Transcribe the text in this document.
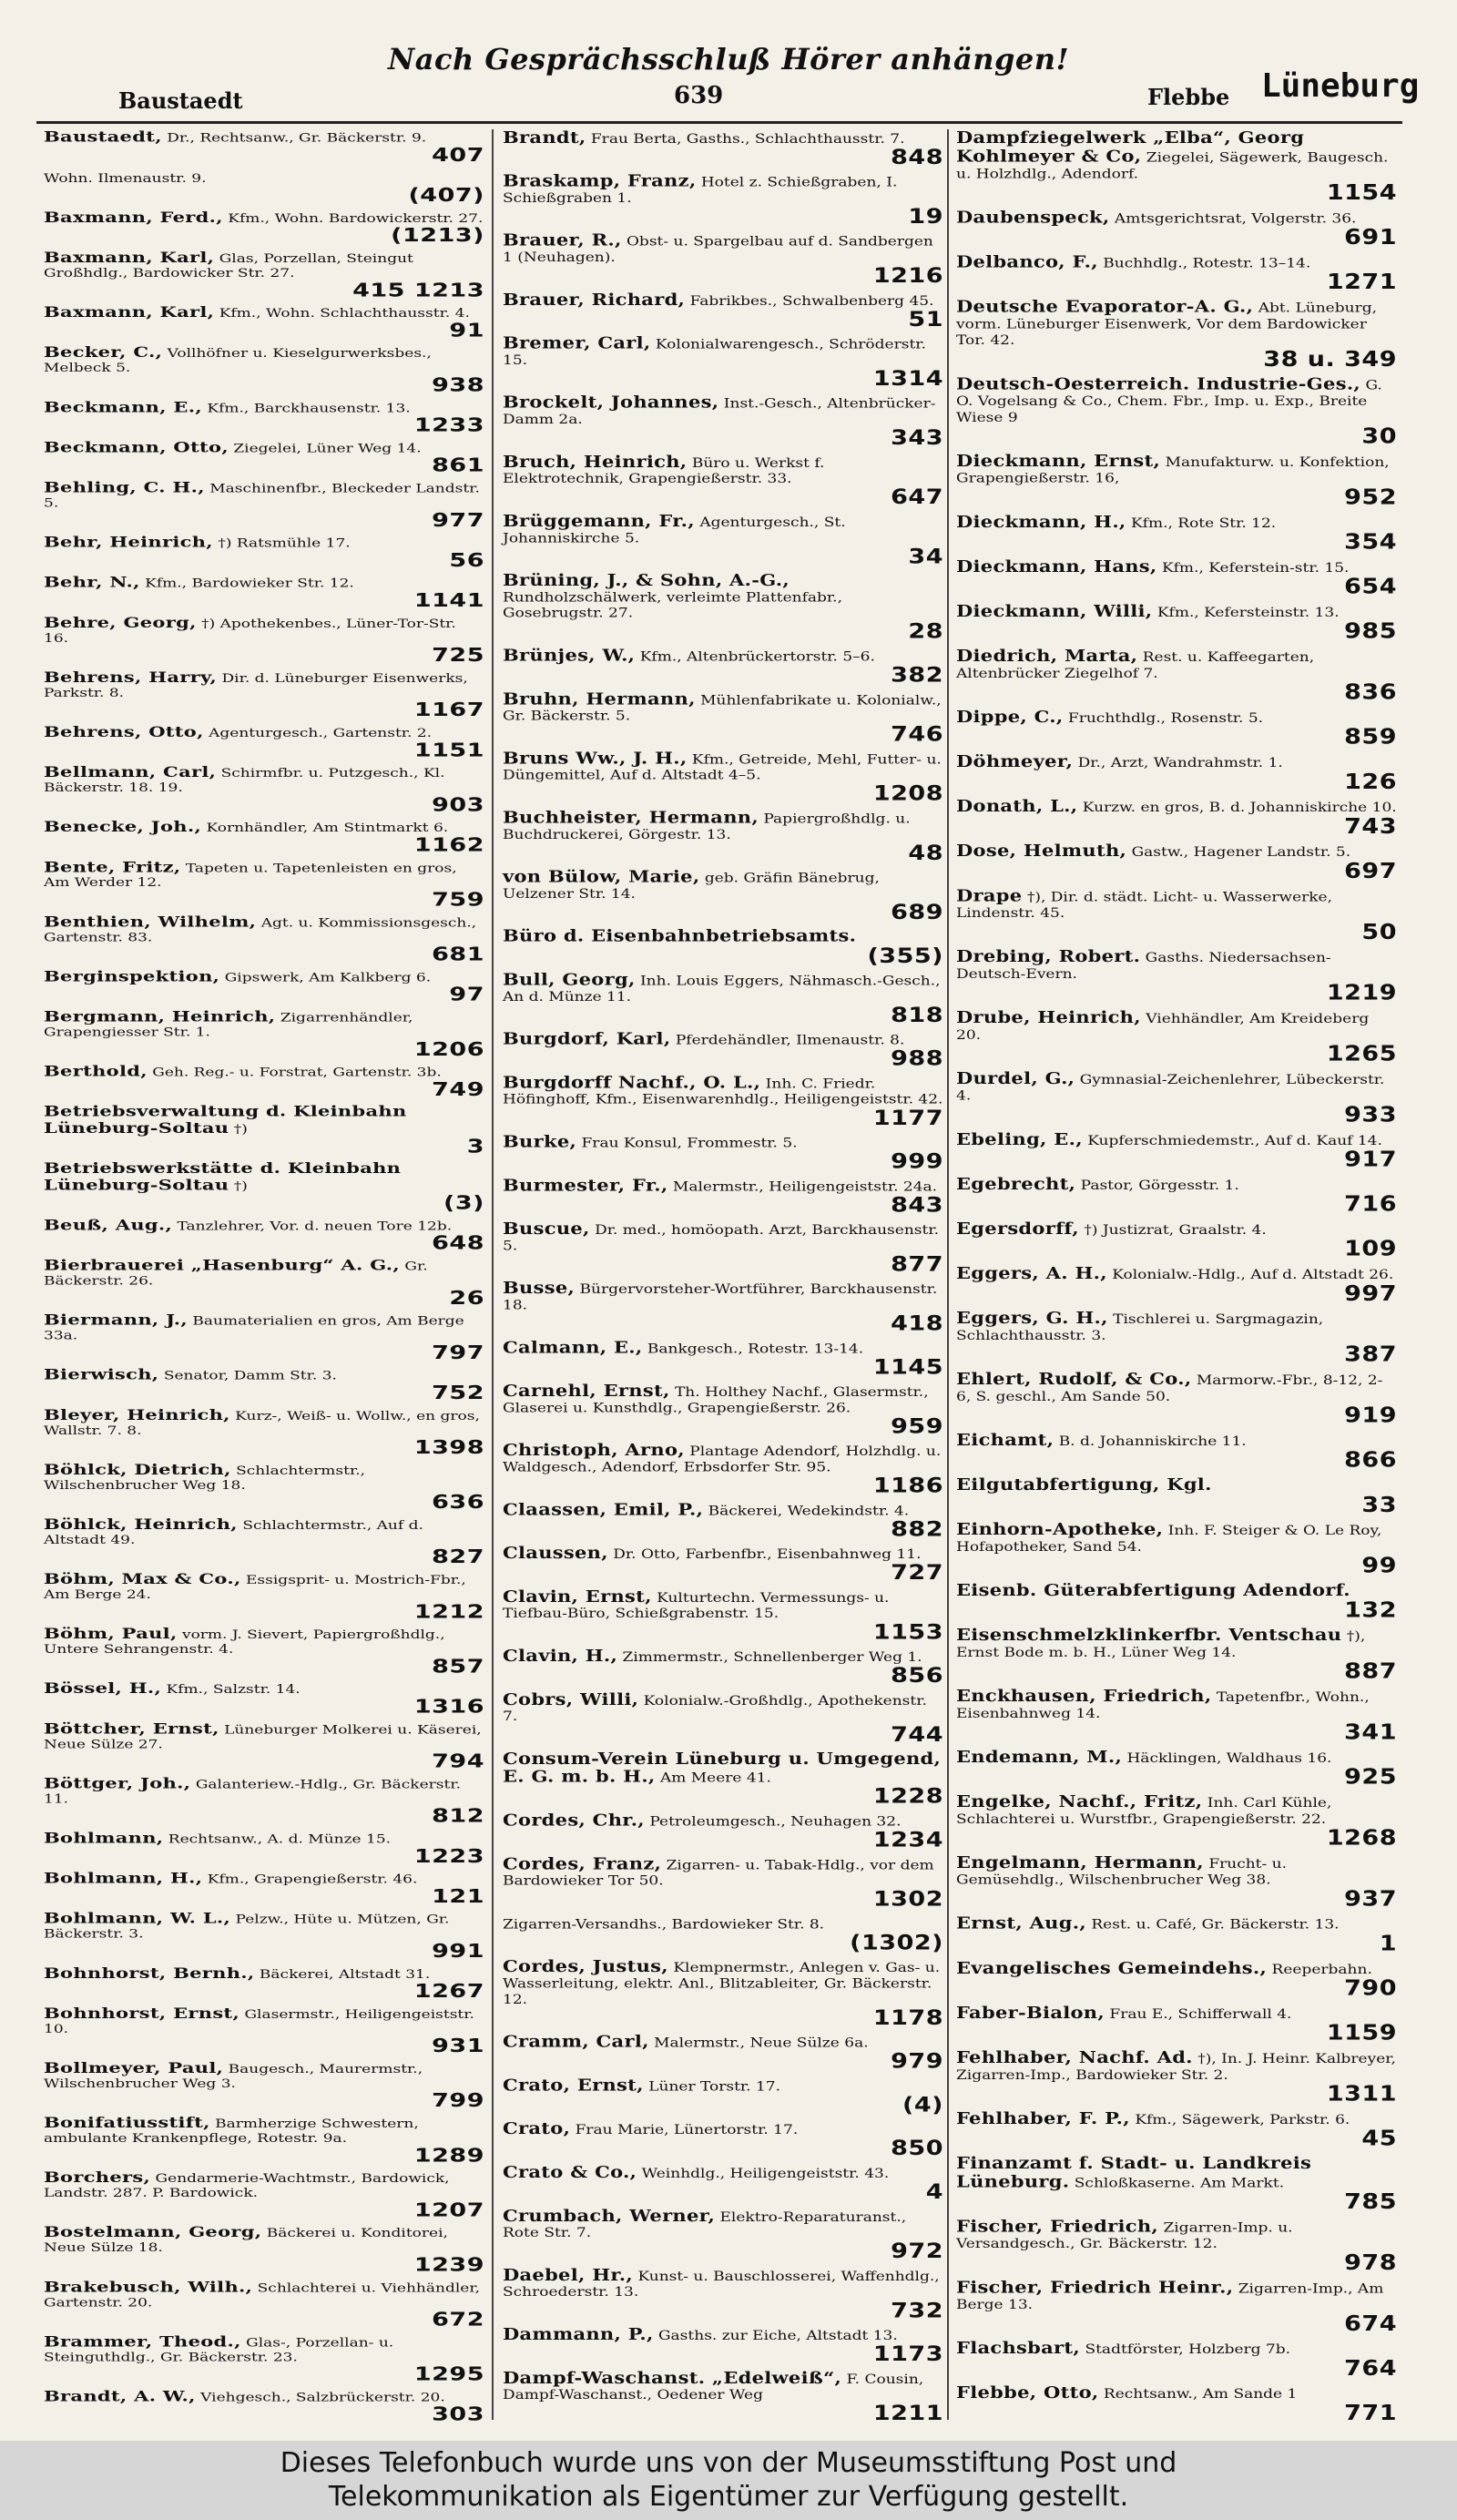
Nach Gesprächsschluß Hörer anhängen!
Baustaedt	639	Flebbe Lüneburg
Baustaedt, Dr., Rechtsanw., Gr. Bäckerstr. 9.
407
Wohn. Ilmenaustr. 9.
(407)
Baxmann, Ferd., Kfm., Wohn. Bardowickerstr. 27.
(1213)
Baxmann, Karl, Glas, Porzellan, Steingut Großhdlg., Bardowicker Str. 27.
415 1213
Baxmann, Karl, Kfm., Wohn. Schlachthausstr. 4.
91
Becker, C., Vollhöfner u. Kieselgurwerksbes., Melbeck 5.
938
Beckmann, E., Kfm., Barckhausenstr. 13.
1233
Beckmann, Otto, Ziegelei, Lüner Weg 14.
861
Behling, C. H., Maschinenfbr., Bleckeder Landstr. 5.
977
Behr, Heinrich, †) Ratsmühle 17.
56
Behr, N., Kfm., Bardowieker Str. 12.
1141
Behre, Georg, †) Apothekenbes., Lüner-Tor-Str. 16.
725
Behrens, Harry, Dir. d. Lüneburger Eisenwerks, Parkstr. 8.
1167
Behrens, Otto, Agenturgesch., Gartenstr. 2.
1151
Bellmann, Carl, Schirmfbr. u. Putzgesch., Kl. Bäckerstr. 18. 19.
903
Benecke, Joh., Kornhändler, Am Stintmarkt 6.
1162
Bente, Fritz, Tapeten u. Tapetenleisten en gros, Am Werder 12.
759
Benthien, Wilhelm, Agt. u. Kommissionsgesch., Gartenstr. 83.
681
Berginspektion, Gipswerk, Am Kalkberg 6.
97
Bergmann, Heinrich, Zigarrenhändler, Grapengiesser Str. 1.
1206
Berthold, Geh. Reg.- u. Forstrat, Gartenstr. 3b.
749
Betriebsverwaltung d. Kleinbahn Lüneburg-Soltau †)
3
Betriebswerkstätte d. Kleinbahn Lüneburg-Soltau †)
(3)
Beuß, Aug., Tanzlehrer, Vor. d. neuen Tore 12b.
648
Bierbrauerei „Hasenburg“ A. G., Gr. Bäckerstr. 26.
26
Biermann, J., Baumaterialien en gros, Am Berge 33a.
797
Bierwisch, Senator, Damm Str. 3.
752
Bleyer, Heinrich, Kurz-, Weiß- u. Wollw., en gros, Wallstr. 7. 8.
1398
Böhlck, Dietrich, Schlachtermstr., Wilschenbrucher Weg 18.
636
Böhlck, Heinrich, Schlachtermstr., Auf d. Altstadt 49.
827
Böhm, Max & Co., Essigsprit- u. Mostrich-Fbr., Am Berge 24.
1212
Böhm, Paul, vorm. J. Sievert, Papiergroßhdlg., Untere Sehrangenstr. 4.
857
Bössel, H., Kfm., Salzstr. 14.
1316
Böttcher, Ernst, Lüneburger Molkerei u. Käserei, Neue Sülze 27.
794
Böttger, Joh., Galanteriew.-Hdlg., Gr. Bäckerstr. 11.
812
Bohlmann, Rechtsanw., A. d. Münze 15.
1223
Bohlmann, H., Kfm., Grapengießerstr. 46.
121
Bohlmann, W. L., Pelzw., Hüte u. Mützen, Gr. Bäckerstr. 3.
991
Bohnhorst, Bernh., Bäckerei, Altstadt 31.
1267
Bohnhorst, Ernst, Glasermstr., Heiligengeiststr. 10.
931
Bollmeyer, Paul, Baugesch., Maurermstr., Wilschenbrucher Weg 3.
799
Bonifatiusstift, Barmherzige Schwestern, ambulante Krankenpflege, Rotestr. 9a.
1289
Borchers, Gendarmerie-Wachtmstr., Bardowick, Landstr. 287. P. Bardowick.
1207
Bostelmann, Georg, Bäckerei u. Konditorei, Neue Sülze 18.
1239
Brakebusch, Wilh., Schlachterei u. Viehhändler, Gartenstr. 20.
672
Brammer, Theod., Glas-, Porzellan- u. Steinguthdlg., Gr. Bäckerstr. 23.
1295
Brandt, A. W., Viehgesch., Salzbrückerstr. 20.
303
Brandt, Frau Berta, Gasths., Schlachthausstr. 7.
848
Braskamp, Franz, Hotel z. Schießgraben, I. Schießgraben 1.
19
Brauer, R., Obst- u. Spargelbau auf d. Sandbergen 1 (Neuhagen).
1216
Brauer, Richard, Fabrikbes., Schwalbenberg 45.
51
Bremer, Carl, Kolonialwarengesch., Schröderstr. 15.
1314
Brockelt, Johannes, Inst.-Gesch., Altenbrücker-Damm 2a.
343
Bruch, Heinrich, Büro u. Werkst f. Elektrotechnik, Grapengießerstr. 33.
647
Brüggemann, Fr., Agenturgesch., St. Johanniskirche 5.
34
Brüning, J., & Sohn, A.-G., Rundholzschälwerk, verleimte Plattenfabr., Gosebrugstr. 27.
28
Brünjes, W., Kfm., Altenbrückertorstr. 5–6.
382
Bruhn, Hermann, Mühlenfabrikate u. Kolonialw., Gr. Bäckerstr. 5.
746
Bruns Ww., J. H., Kfm., Getreide, Mehl, Futter- u. Düngemittel, Auf d. Altstadt 4–5.
1208
Buchheister, Hermann, Papiergroßhdlg. u. Buchdruckerei, Görgestr. 13.
48
von Bülow, Marie, geb. Gräfin Bänebrug, Uelzener Str. 14.
689
Büro d. Eisenbahnbetriebsamts.
(355)
Bull, Georg, Inh. Louis Eggers, Nähmasch.-Gesch., An d. Münze 11.
818
Burgdorf, Karl, Pferdehändler, Ilmenaustr. 8.
988
Burgdorff Nachf., O. L., Inh. C. Friedr. Höfinghoff, Kfm., Eisenwarenhdlg., Heiligengeiststr. 42.
1177
Burke, Frau Konsul, Frommestr. 5.
999
Burmester, Fr., Malermstr., Heiligengeiststr. 24a.
843
Buscue, Dr. med., homöopath. Arzt, Barckhausenstr. 5.
877
Busse, Bürgervorsteher-Wortführer, Barckhausenstr. 18.
418
Calmann, E., Bankgesch., Rotestr. 13-14.
1145
Carnehl, Ernst, Th. Holthey Nachf., Glasermstr., Glaserei u. Kunsthdlg., Grapengießerstr. 26.
959
Christoph, Arno, Plantage Adendorf, Holzhdlg. u. Waldgesch., Adendorf, Erbsdorfer Str. 95.
1186
Claassen, Emil, P., Bäckerei, Wedekindstr. 4.
882
Claussen, Dr. Otto, Farbenfbr., Eisenbahnweg 11.
727
Clavin, Ernst, Kulturtechn. Vermessungs- u. Tiefbau-Büro, Schießgrabenstr. 15.
1153
Clavin, H., Zimmermstr., Schnellenberger Weg 1.
856
Cobrs, Willi, Kolonialw.-Großhdlg., Apothekenstr. 7.
744
Consum-Verein Lüneburg u. Umgegend, E. G. m. b. H., Am Meere 41.
1228
Cordes, Chr., Petroleumgesch., Neuhagen 32.
1234
Cordes, Franz, Zigarren- u. Tabak-Hdlg., vor dem Bardowieker Tor 50.
1302
Zigarren-Versandhs., Bardowieker Str. 8.
(1302)
Cordes, Justus, Klempnermstr., Anlegen v. Gas- u. Wasserleitung, elektr. Anl., Blitzableiter, Gr. Bäckerstr. 12.
1178
Cramm, Carl, Malermstr., Neue Sülze 6a.
979
Crato, Ernst, Lüner Torstr. 17.
(4)
Crato, Frau Marie, Lünertorstr. 17.
850
Crato & Co., Weinhdlg., Heiligengeiststr. 43.
4
Crumbach, Werner, Elektro-Reparaturanst., Rote Str. 7.
972
Daebel, Hr., Kunst- u. Bauschlosserei, Waffenhdlg., Schroederstr. 13.
732
Dammann, P., Gasths. zur Eiche, Altstadt 13.
1173
Dampf-Waschanst. „Edelweiß“, F. Cousin, Dampf-Waschanst., Oedener Weg
1211
Dampfziegelwerk „Elba“, Georg Kohlmeyer & Co, Ziegelei, Sägewerk, Baugesch. u. Holzhdlg., Adendorf.
1154
Daubenspeck, Amtsgerichtsrat, Volgerstr. 36.
691
Delbanco, F., Buchhdlg., Rotestr. 13–14.
1271
Deutsche Evaporator-A. G., Abt. Lüneburg, vorm. Lüneburger Eisenwerk, Vor dem Bardowicker Tor. 42.
38 u. 349
Deutsch-Oesterreich. Industrie-Ges., G. O. Vogelsang & Co., Chem. Fbr., Imp. u. Exp., Breite Wiese 9
30
Dieckmann, Ernst, Manufakturw. u. Konfektion, Grapengießerstr. 16,
952
Dieckmann, H., Kfm., Rote Str. 12.
354
Dieckmann, Hans, Kfm., Keferstein-str. 15.
654
Dieckmann, Willi, Kfm., Kefersteinstr. 13.
985
Diedrich, Marta, Rest. u. Kaffeegarten, Altenbrücker Ziegelhof 7.
836
Dippe, C., Fruchthdlg., Rosenstr. 5.
859
Döhmeyer, Dr., Arzt, Wandrahmstr. 1.
126
Donath, L., Kurzw. en gros, B. d. Johanniskirche 10.
743
Dose, Helmuth, Gastw., Hagener Landstr. 5.
697
Drape †), Dir. d. städt. Licht- u. Wasserwerke, Lindenstr. 45.
50
Drebing, Robert. Gasths. Niedersachsen-Deutsch-Evern.
1219
Drube, Heinrich, Viehhändler, Am Kreideberg 20.
1265
Durdel, G., Gymnasial-Zeichenlehrer, Lübeckerstr. 4.
933
Ebeling, E., Kupferschmiedemstr., Auf d. Kauf 14.
917
Egebrecht, Pastor, Görgesstr. 1.
716
Egersdorff, †) Justizrat, Graalstr. 4.
109
Eggers, A. H., Kolonialw.-Hdlg., Auf d. Altstadt 26.
997
Eggers, G. H., Tischlerei u. Sargmagazin, Schlachthausstr. 3.
387
Ehlert, Rudolf, & Co., Marmorw.-Fbr., 8-12, 2-6, S. geschl., Am Sande 50.
919
Eichamt, B. d. Johanniskirche 11.
866
Eilgutabfertigung, Kgl.
33
Einhorn-Apotheke, Inh. F. Steiger & O. Le Roy, Hofapotheker, Sand 54.
99
Eisenb. Güterabfertigung Adendorf.
132
Eisenschmelzklinkerfbr. Ventschau †), Ernst Bode m. b. H., Lüner Weg 14.
887
Enckhausen, Friedrich, Tapetenfbr., Wohn., Eisenbahnweg 14.
341
Endemann, M., Häcklingen, Waldhaus 16.
925
Engelke, Nachf., Fritz, Inh. Carl Kühle, Schlachterei u. Wurstfbr., Grapengießerstr. 22.
1268
Engelmann, Hermann, Frucht- u. Gemüsehdlg., Wilschenbrucher Weg 38.
937
Ernst, Aug., Rest. u. Café, Gr. Bäckerstr. 13.
1
Evangelisches Gemeindehs., Reeperbahn.
790
Faber-Bialon, Frau E., Schifferwall 4.
1159
Fehlhaber, Nachf. Ad. †), In. J. Heinr. Kalbreyer, Zigarren-Imp., Bardowieker Str. 2.
1311
Fehlhaber, F. P., Kfm., Sägewerk, Parkstr. 6.
45
Finanzamt f. Stadt- u. Landkreis Lüneburg. Schloßkaserne. Am Markt.
785
Fischer, Friedrich, Zigarren-Imp. u. Versandgesch., Gr. Bäckerstr. 12.
978
Fischer, Friedrich Heinr., Zigarren-Imp., Am Berge 13.
674
Flachsbart, Stadtförster, Holzberg 7b.
764
Flebbe, Otto, Rechtsanw., Am Sande 1
771
Dieses Telefonbuch wurde uns von der Museumsstiftung Post und
Telekommunikation als Eigentümer zur Verfügung gestellt.
